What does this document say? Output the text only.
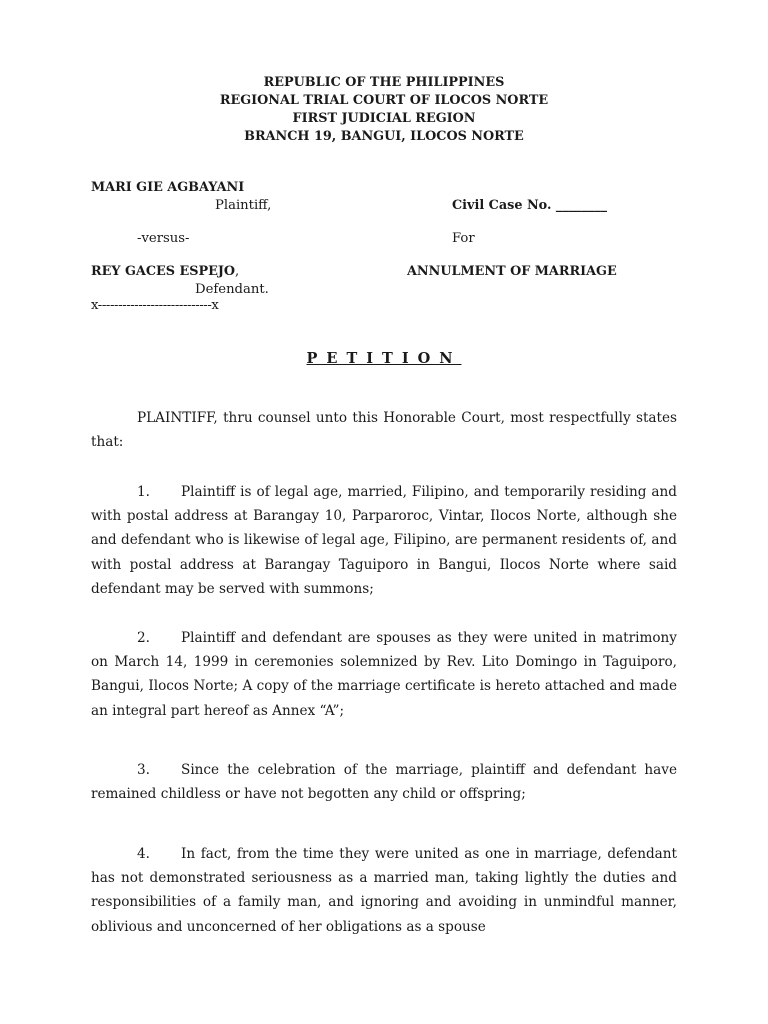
REPUBLIC OF THE PHILIPPINES
REGIONAL TRIAL COURT OF ILOCOS NORTE
FIRST JUDICIAL REGION
BRANCH 19, BANGUI, ILOCOS NORTE
MARI GIE AGBAYANI
Plaintiff,	Civil Case No. ________
-versus-	For
REY GACES ESPEJO,	ANNULMENT OF MARRIAGE
Defendant.
x----------------------------x
PETITION
PLAINTIFF, thru counsel unto this Honorable Court, most respectfully states that:
1. Plaintiff is of legal age, married, Filipino, and temporarily residing and with postal address at Barangay 10, Parparoroc, Vintar, Ilocos Norte, although she and defendant who is likewise of legal age, Filipino, are permanent residents of, and with postal address at Barangay Taguiporo in Bangui, Ilocos Norte where said defendant may be served with summons;
2. Plaintiff and defendant are spouses as they were united in matrimony on March 14, 1999 in ceremonies solemnized by Rev. Lito Domingo in Taguiporo, Bangui, Ilocos Norte; A copy of the marriage certificate is hereto attached and made an integral part hereof as Annex “A”;
3. Since the celebration of the marriage, plaintiff and defendant have remained childless or have not begotten any child or offspring;
4. In fact, from the time they were united as one in marriage, defendant has not demonstrated seriousness as a married man, taking lightly the duties and responsibilities of a family man, and ignoring and avoiding in unmindful manner, oblivious and unconcerned of her obligations as a spouse
